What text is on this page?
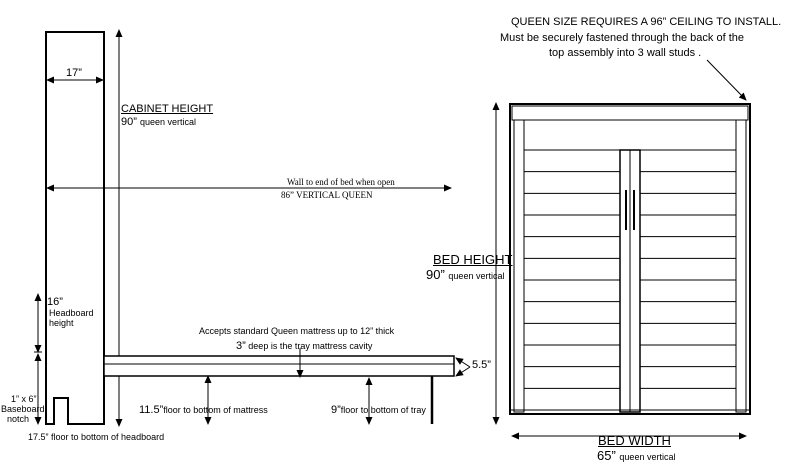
QUEEN SIZE REQUIRES A 96” CEILING TO INSTALL.
Must be securely fastened through the back of the
top assembly into 3 wall studs .
17”
CABINET HEIGHT
90” queen vertical
Wall to end of bed when open
86” VERTICAL QUEEN
16”
Headboard
height
Accepts standard Queen mattress up to 12” thick
3” deep is the tray mattress cavity
5.5”
11.5”floor to bottom of mattress	9”floor to bottom of tray
1” x 6”
Baseboard
notch
17.5” floor to bottom of headboard
BED HEIGHT
90” queen vertical
BED WIDTH
65” queen vertical
